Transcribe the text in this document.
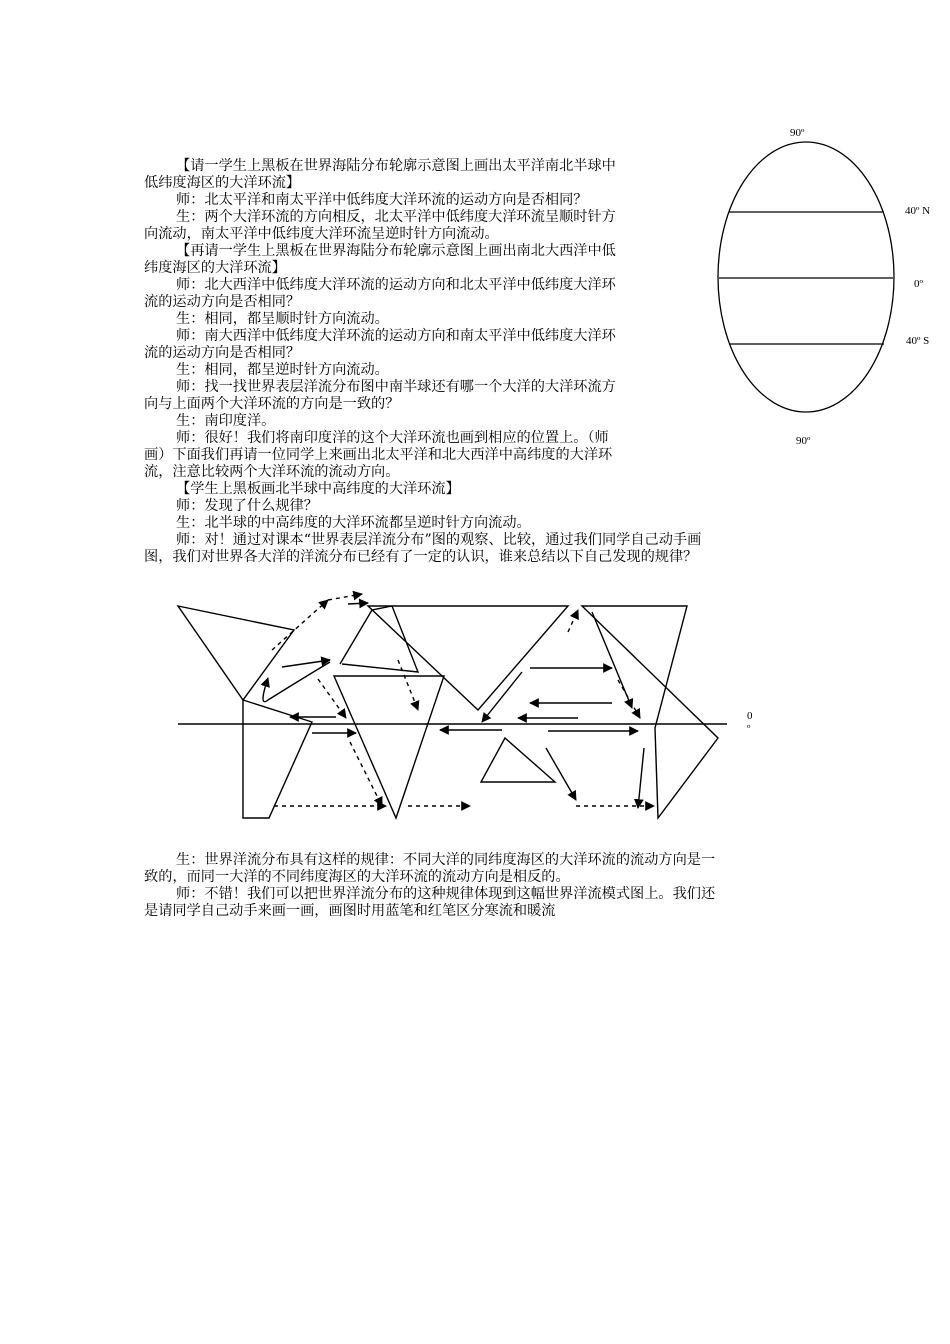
【请一学生上黑板在世界海陆分布轮廓示意图上画出太平洋南北半球中
低纬度海区的大洋环流】
师：北太平洋和南太平洋中低纬度大洋环流的运动方向是否相同？
生：两个大洋环流的方向相反，北太平洋中低纬度大洋环流呈顺时针方
向流动，南太平洋中低纬度大洋环流呈逆时针方向流动。
【再请一学生上黑板在世界海陆分布轮廓示意图上画出南北大西洋中低
纬度海区的大洋环流】
师：北大西洋中低纬度大洋环流的运动方向和北太平洋中低纬度大洋环
流的运动方向是否相同？
生：相同，都呈顺时针方向流动。
师：南大西洋中低纬度大洋环流的运动方向和南太平洋中低纬度大洋环
流的运动方向是否相同？
生：相同，都呈逆时针方向流动。
师：找一找世界表层洋流分布图中南半球还有哪一个大洋的大洋环流方
向与上面两个大洋环流的方向是一致的？
生：南印度洋。
师：很好！我们将南印度洋的这个大洋环流也画到相应的位置上。（师
画）下面我们再请一位同学上来画出北太平洋和北大西洋中高纬度的大洋环
流，注意比较两个大洋环流的流动方向。
【学生上黑板画北半球中高纬度的大洋环流】
师：发现了什么规律？
生：北半球的中高纬度的大洋环流都呈逆时针方向流动。
师：对！通过对课本“世界表层洋流分布”图的观察、比较，通过我们同学自己动手画
图，我们对世界各大洋的洋流分布已经有了一定的认识，谁来总结以下自己发现的规律？
生：世界洋流分布具有这样的规律：不同大洋的同纬度海区的大洋环流的流动方向是一
致的，而同一大洋的不同纬度海区的大洋环流的流动方向是相反的。
师：不错！我们可以把世界洋流分布的这种规律体现到这幅世界洋流模式图上。我们还
是请同学自己动手来画一画，画图时用蓝笔和红笔区分寒流和暖流
90º
40º N
0º
40º S
90º
0
º
